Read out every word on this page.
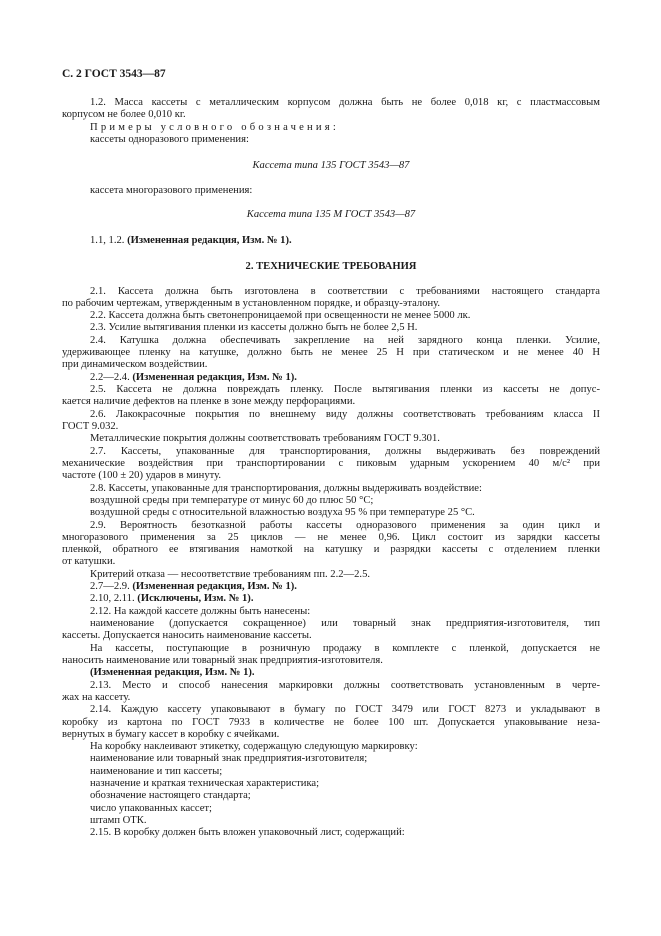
С. 2 ГОСТ 3543—87
1.2. Масса кассеты с металлическим корпусом должна быть не более 0,018 кг, с пластмассовым
корпусом не более 0,010 кг.
Примеры условного обозначения:
кассеты одноразового применения:
Кассета типа 135 ГОСТ 3543—87
кассета многоразового применения:
Кассета типа 135 М ГОСТ 3543—87
1.1, 1.2. (Измененная редакция, Изм. № 1).
2. ТЕХНИЧЕСКИЕ ТРЕБОВАНИЯ
2.1. Кассета должна быть изготовлена в соответствии с требованиями настоящего стандарта
по рабочим чертежам, утвержденным в установленном порядке, и образцу-эталону.
2.2. Кассета должна быть светонепроницаемой при освещенности не менее 5000 лк.
2.3. Усилие вытягивания пленки из кассеты должно быть не более 2,5 Н.
2.4. Катушка должна обеспечивать закрепление на ней зарядного конца пленки. Усилие,
удерживающее пленку на катушке, должно быть не менее 25 Н при статическом и не менее 40 Н
при динамическом воздействии.
2.2—2.4. (Измененная редакция, Изм. № 1).
2.5. Кассета не должна повреждать пленку. После вытягивания пленки из кассеты не допус-
кается наличие дефектов на пленке в зоне между перфорациями.
2.6. Лакокрасочные покрытия по внешнему виду должны соответствовать требованиям класса II
ГОСТ 9.032.
Металлические покрытия должны соответствовать требованиям ГОСТ 9.301.
2.7. Кассеты, упакованные для транспортирования, должны выдерживать без повреждений
механические воздействия при транспортировании с пиковым ударным ускорением 40 м/с² при
частоте (100 ± 20) ударов в минуту.
2.8. Кассеты, упакованные для транспортирования, должны выдерживать воздействие:
воздушной среды при температуре от минус 60 до плюс 50 °С;
воздушной среды с относительной влажностью воздуха 95 % при температуре 25 °С.
2.9. Вероятность безотказной работы кассеты одноразового применения за один цикл и
многоразового применения за 25 циклов — не менее 0,96. Цикл состоит из зарядки кассеты
пленкой, обратного ее втягивания намоткой на катушку и разрядки кассеты с отделением пленки
от катушки.
Критерий отказа — несоответствие требованиям пп. 2.2—2.5.
2.7—2.9. (Измененная редакция, Изм. № 1).
2.10, 2.11. (Исключены, Изм. № 1).
2.12. На каждой кассете должны быть нанесены:
наименование (допускается сокращенное) или товарный знак предприятия-изготовителя, тип
кассеты. Допускается наносить наименование кассеты.
На кассеты, поступающие в розничную продажу в комплекте с пленкой, допускается не
наносить наименование или товарный знак предприятия-изготовителя.
(Измененная редакция, Изм. № 1).
2.13. Место и способ нанесения маркировки должны соответствовать установленным в черте-
жах на кассету.
2.14. Каждую кассету упаковывают в бумагу по ГОСТ 3479 или ГОСТ 8273 и укладывают в
коробку из картона по ГОСТ 7933 в количестве не более 100 шт. Допускается упаковывание неза-
вернутых в бумагу кассет в коробку с ячейками.
На коробку наклеивают этикетку, содержащую следующую маркировку:
наименование или товарный знак предприятия-изготовителя;
наименование и тип кассеты;
назначение и краткая техническая характеристика;
обозначение настоящего стандарта;
число упакованных кассет;
штамп ОТК.
2.15. В коробку должен быть вложен упаковочный лист, содержащий:
